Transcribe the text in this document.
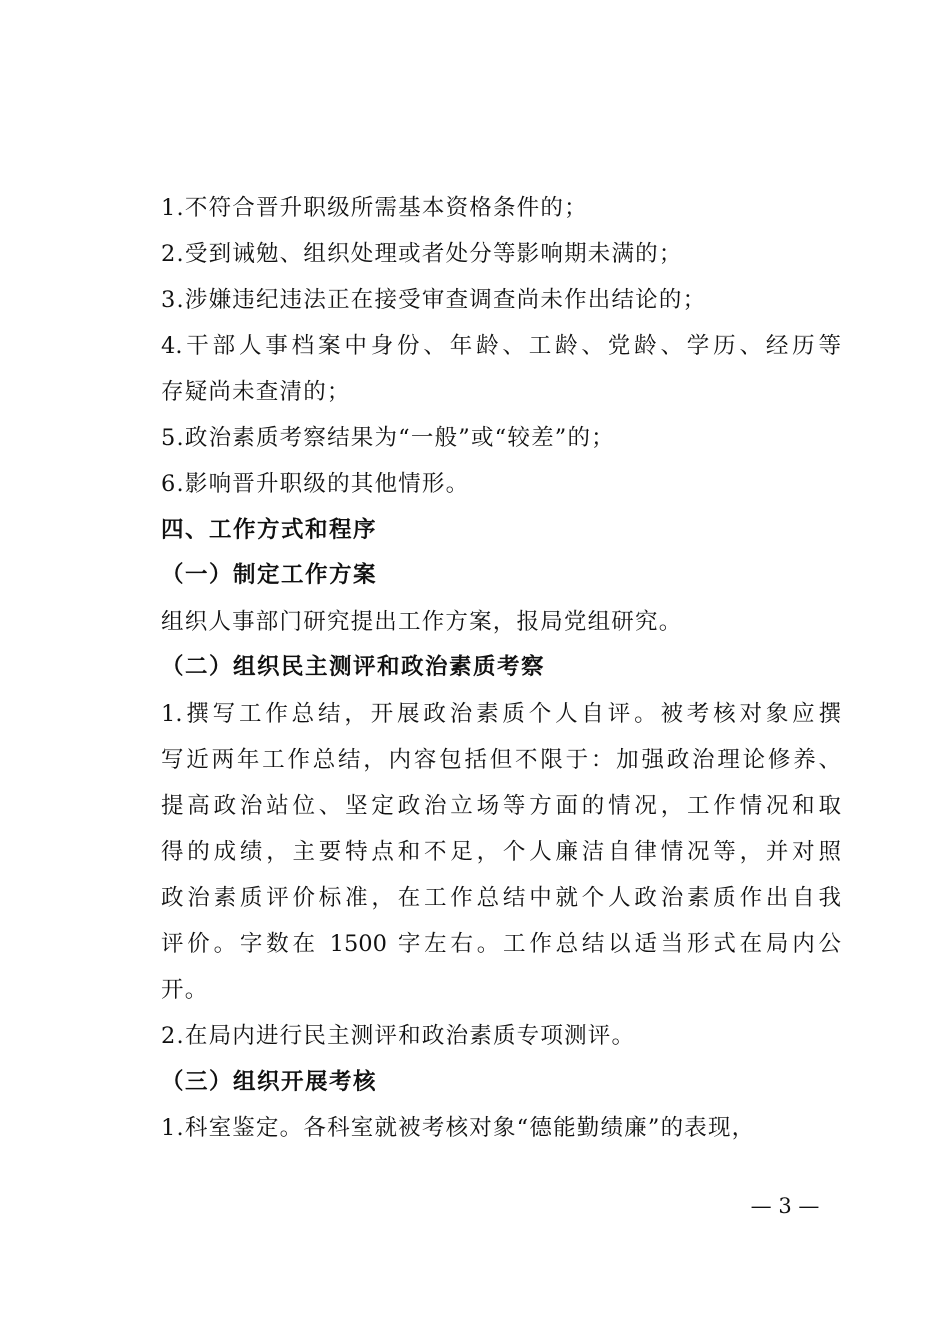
1.不符合晋升职级所需基本资格条件的；
2.受到诫勉、组织处理或者处分等影响期未满的；
3.涉嫌违纪违法正在接受审查调查尚未作出结论的；
4.干部人事档案中身份、年龄、工龄、党龄、学历、经历等
存疑尚未查清的；
5.政治素质考察结果为“一般”或“较差”的；
6.影响晋升职级的其他情形。
四、工作方式和程序
（一）制定工作方案
组织人事部门研究提出工作方案，报局党组研究。
（二）组织民主测评和政治素质考察
1.撰写工作总结，开展政治素质个人自评。被考核对象应撰
写近两年工作总结，内容包括但不限于：加强政治理论修养、
提高政治站位、坚定政治立场等方面的情况，工作情况和取
得的成绩，主要特点和不足，个人廉洁自律情况等，并对照
政治素质评价标准，在工作总结中就个人政治素质作出自我
评价。字数在 1500 字左右。工作总结以适当形式在局内公
开。
2.在局内进行民主测评和政治素质专项测评。
（三）组织开展考核
1.科室鉴定。各科室就被考核对象“德能勤绩廉”的表现，
— 3 —
